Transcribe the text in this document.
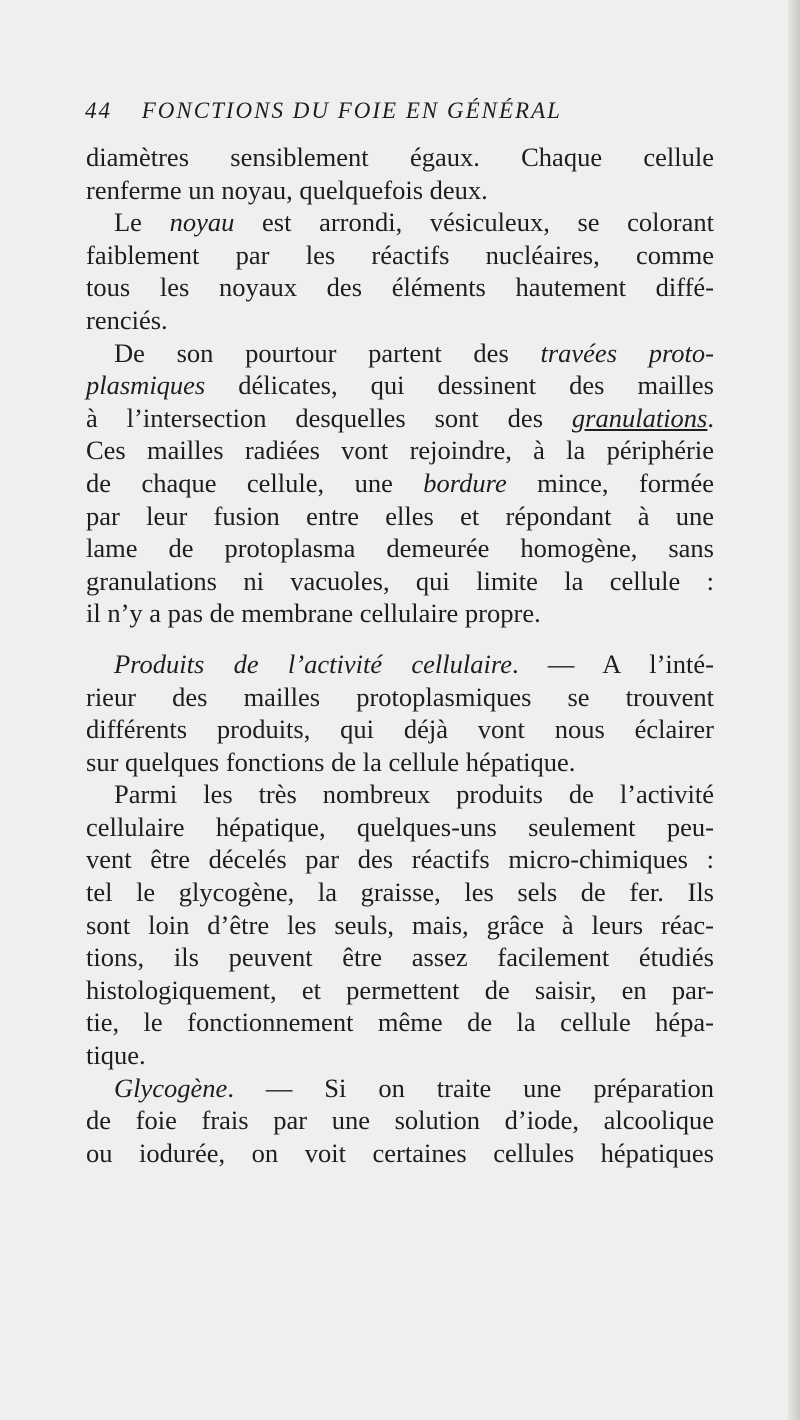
44 FONCTIONS DU FOIE EN GÉNÉRAL
diamètres sensiblement égaux. Chaque cellule
renferme un noyau, quelquefois deux.
Le noyau est arrondi, vésiculeux, se colorant
faiblement par les réactifs nucléaires, comme
tous les noyaux des éléments hautement diffé-
renciés.
De son pourtour partent des travées proto-
plasmiques délicates, qui dessinent des mailles
à l’intersection desquelles sont des granulations.
Ces mailles radiées vont rejoindre, à la périphérie
de chaque cellule, une bordure mince, formée
par leur fusion entre elles et répondant à une
lame de protoplasma demeurée homogène, sans
granulations ni vacuoles, qui limite la cellule :
il n’y a pas de membrane cellulaire propre.
Produits de l’activité cellulaire. — A l’inté-
rieur des mailles protoplasmiques se trouvent
différents produits, qui déjà vont nous éclairer
sur quelques fonctions de la cellule hépatique.
Parmi les très nombreux produits de l’activité
cellulaire hépatique, quelques-uns seulement peu-
vent être décelés par des réactifs micro-chimiques :
tel le glycogène, la graisse, les sels de fer. Ils
sont loin d’être les seuls, mais, grâce à leurs réac-
tions, ils peuvent être assez facilement étudiés
histologiquement, et permettent de saisir, en par-
tie, le fonctionnement même de la cellule hépa-
tique.
Glycogène. — Si on traite une préparation
de foie frais par une solution d’iode, alcoolique
ou iodurée, on voit certaines cellules hépatiques
